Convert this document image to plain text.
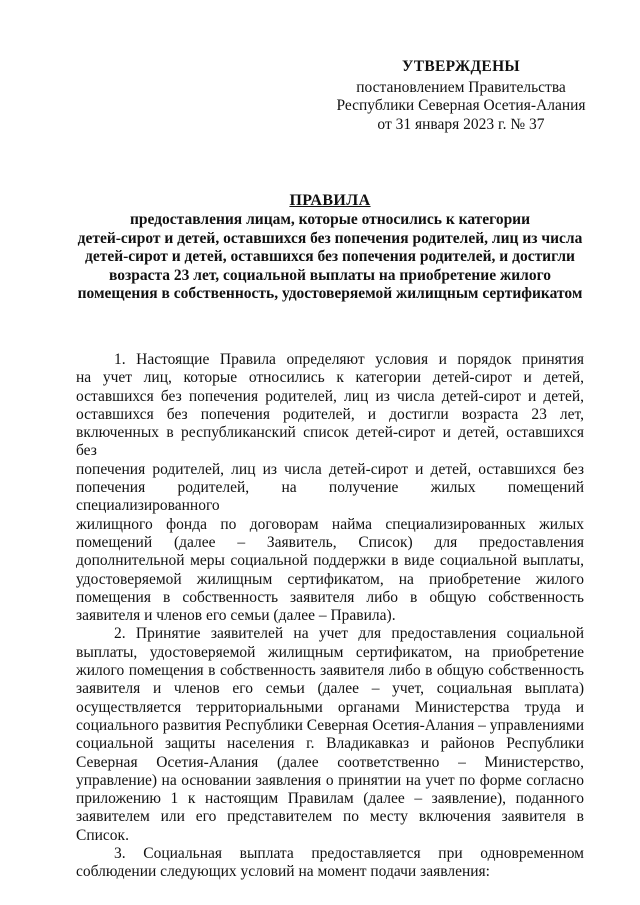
УТВЕРЖДЕНЫ
постановлением Правительства
Республики Северная Осетия-Алания
от 31 января 2023 г. № 37
ПРАВИЛА
предоставления лицам, которые относились к категории
детей-сирот и детей, оставшихся без попечения родителей, лиц из числа
детей-сирот и детей, оставшихся без попечения родителей, и достигли
возраста 23 лет, социальной выплаты на приобретение жилого
помещения в собственность, удостоверяемой жилищным сертификатом
1. Настоящие Правила определяют условия и порядок принятия
на учет лиц, которые относились к категории детей-сирот и детей,
оставшихся без попечения родителей, лиц из числа детей-сирот и детей,
оставшихся без попечения родителей, и достигли возраста 23 лет,
включенных в республиканский список детей-сирот и детей, оставшихся без
попечения родителей, лиц из числа детей-сирот и детей, оставшихся без
попечения родителей, на получение жилых помещений специализированного
жилищного фонда по договорам найма специализированных жилых
помещений (далее – Заявитель, Список) для предоставления
дополнительной меры социальной поддержки в виде социальной выплаты,
удостоверяемой жилищным сертификатом, на приобретение жилого
помещения в собственность заявителя либо в общую собственность
заявителя и членов его семьи (далее – Правила).
2. Принятие заявителей на учет для предоставления социальной
выплаты, удостоверяемой жилищным сертификатом, на приобретение
жилого помещения в собственность заявителя либо в общую собственность
заявителя и членов его семьи (далее – учет, социальная выплата)
осуществляется территориальными органами Министерства труда и
социального развития Республики Северная Осетия-Алания – управлениями
социальной защиты населения г. Владикавказ и районов Республики
Северная Осетия-Алания (далее соответственно – Министерство,
управление) на основании заявления о принятии на учет по форме согласно
приложению 1 к настоящим Правилам (далее – заявление), поданного
заявителем или его представителем по месту включения заявителя в Список.
3. Социальная выплата предоставляется при одновременном
соблюдении следующих условий на момент подачи заявления:
